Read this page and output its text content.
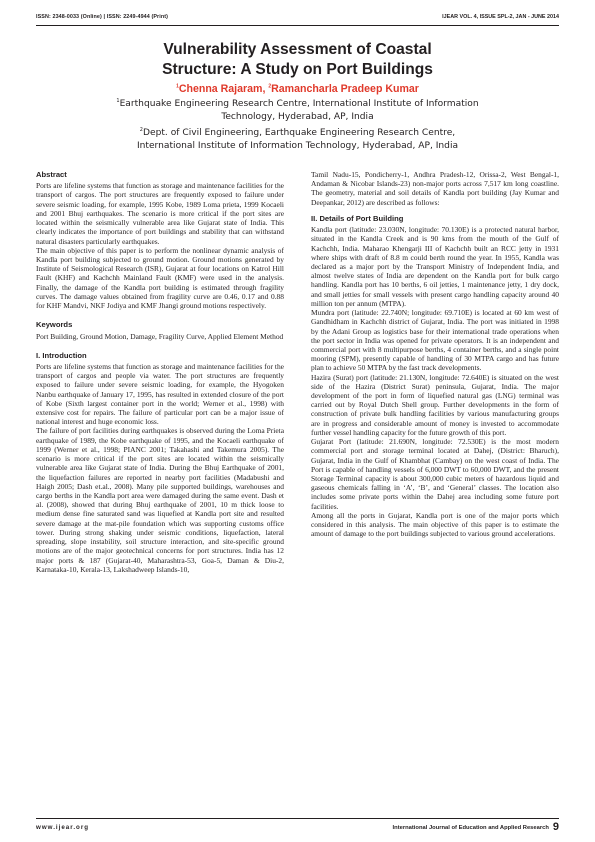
ISSN: 2348-0033 (Online) | ISSN: 2249-4944 (Print)	IJEAR VOL. 4, ISSUE SPL-2, JAN - JUNE 2014
Vulnerability Assessment of Coastal
Structure: A Study on Port Buildings
$^1$Chenna Rajaram, $^2$Ramancharla Pradeep Kumar
$^1$Earthquake Engineering Research Centre, International Institute of Information
Technology, Hyderabad, AP, India
$^2$Dept. of Civil Engineering, Earthquake Engineering Research Centre,
International Institute of Information Technology, Hyderabad, AP, India
Abstract

Ports are lifeline systems that function as storage and maintenance facilities for the transport of cargos. The port structures are frequently exposed to failure under severe seismic loading, for example, 1995 Kobe, 1989 Loma prieta, 1999 Kocaeli and 2001 Bhuj earthquakes. The scenario is more critical if the port sites are located within the seismically vulnerable area like Gujarat state of India. This clearly indicates the importance of port buildings and stability that can withstand natural disasters particularly earthquakes.

The main objective of this paper is to perform the nonlinear dynamic analysis of Kandla port building subjected to ground motion. Ground motions generated by Institute of Seismological Research (ISR), Gujarat at four locations on Katrol Hill Fault (KHF) and Kachchh Mainland Fault (KMF) were used in the analysis. Finally, the damage of the Kandla port building is estimated through fragility curves. The damage values obtained from fragility curve are 0.46, 0.17 and 0.88 for KHF Mandvi, NKF Jodiya and KMF Jhangi ground motions respectively.

Keywords

Port Building, Ground Motion, Damage, Fragility Curve, Applied Element Method

I. Introduction

Ports are lifeline systems that function as storage and maintenance facilities for the transport of cargos and people via water. The port structures are frequently exposed to failure under severe seismic loading, for example, the Hyogoken Nanbu earthquake of January 17, 1995, has resulted in extended closure of the port of Kobe (Sixth largest container port in the world; Werner et al., 1998) with extensive cost for repairs. The failure of particular port can be a major issue of national interest and huge economic loss.

The failure of port facilities during earthquakes is observed during the Loma Prieta earthquake of 1989, the Kobe earthquake of 1995, and the Kocaeli earthquake of 1999 (Werner et al., 1998; PIANC 2001; Takahashi and Takemura 2005). The scenario is more critical if the port sites are located within the seismically vulnerable area like Gujarat state of India. During the Bhuj Earthquake of 2001, the liquefaction failures are reported in nearby port facilities (Madabushi and Haigh 2005; Dash et.al., 2008). Many pile supported buildings, warehouses and cargo berths in the Kandla port area were damaged during the same event. Dash et al. (2008), showed that during Bhuj earthquake of 2001, 10 m thick loose to medium dense fine saturated sand was liquefied at Kandla port site and resulted severe damage at the mat-pile foundation which was supporting customs office tower. During strong shaking under seismic conditions, liquefaction, lateral spreading, slope instability, soil structure interaction, and site-specific ground motions are of the major geotechnical concerns for port structures. India has 12 major ports & 187 (Gujarat-40, Maharashtra-53, Goa-5, Daman & Diu-2, Karnataka-10, Kerala-13, Lakshadweep Islands-10,

Tamil Nadu-15, Pondicherry-1, Andhra Pradesh-12, Orissa-2, West Bengal-1, Andaman & Nicobar Islands-23) non-major ports across 7,517 km long coastline. The geometry, material and soil details of Kandla port building (Jay Kumar and Deepankar, 2012) are described as follows:

II. Details of Port Building

Kandla port (latitude: 23.030N, longitude: 70.130E) is a protected natural harbor, situated in the Kandla Creek and is 90 kms from the mouth of the Gulf of Kachchh, India. Maharao Khengarji III of Kachchh built an RCC jetty in 1931 where ships with draft of 8.8 m could berth round the year. In 1955, Kandla was declared as a major port by the Transport Ministry of Independent India, and almost twelve states of India are dependent on the Kandla port for bulk cargo handling. Kandla port has 10 berths, 6 oil jetties, 1 maintenance jetty, 1 dry dock, and small jetties for small vessels with present cargo handling capacity around 40 million ton per annum (MTPA).

Mundra port (latitude: 22.740N; longitude: 69.710E) is located at 60 km west of Gandhidham in Kachchh district of Gujarat, India. The port was initiated in 1998 by the Adani Group as logistics base for their international trade operations when the port sector in India was opened for private operators. It is an independent and commercial port with 8 multipurpose berths, 4 container berths, and a single point mooring (SPM), presently capable of handling of 30 MTPA cargo and has future plan to achieve 50 MTPA by the fast track developments.

Hazira (Surat) port (latitude: 21.130N, longitude: 72.640E) is situated on the west side of the Hazira (District Surat) peninsula, Gujarat, India. The major development of the port in form of liquefied natural gas (LNG) terminal was carried out by Royal Dutch Shell group. Further developments in the form of construction of private bulk handling facilities by various manufacturing groups are in progress and considerable amount of money is invested to accommodate further vessel handling capacity for the future growth of this port.

Gujarat Port (latitude: 21.690N, longitude: 72.530E) is the most modern commercial port and storage terminal located at Dahej, (District: Bharuch), Gujarat, India in the Gulf of Khambhat (Cambay) on the west coast of India. The Port is capable of handling vessels of 6,000 DWT to 60,000 DWT, and the present Storage Terminal capacity is about 300,000 cubic meters of hazardous liquid and gaseous chemicals falling in ‘A’, ‘B’, and ‘General’ classes. The location also includes some private ports within the Dahej area including some future port facilities.

Among all the ports in Gujarat, Kandla port is one of the major ports which considered in this analysis. The main objective of this paper is to estimate the amount of damage to the port buildings subjected to various ground accelerations.

www.ijear.org	International Journal of Education and Applied Research 9
